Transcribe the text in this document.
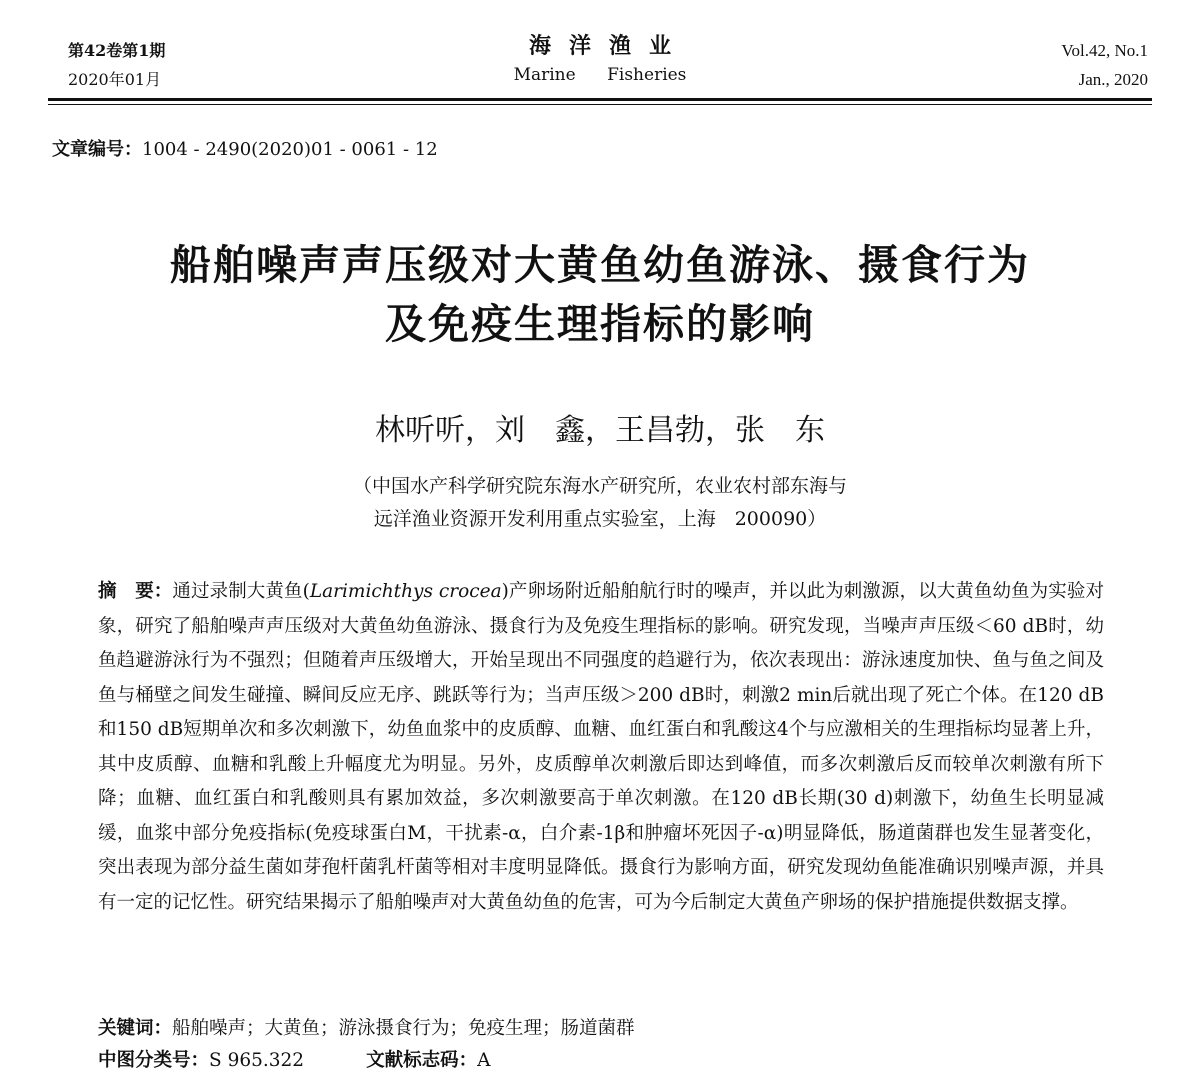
第42卷第1期
2020年01月
海洋渔业
Marine Fisheries
Vol.42, No.1
Jan., 2020
文章编号：1004 - 2490(2020)01 - 0061 - 12
船舶噪声声压级对大黄鱼幼鱼游泳、摄食行为
及免疫生理指标的影响
林听听，刘　鑫，王昌勃，张　东
（中国水产科学研究院东海水产研究所，农业农村部东海与
远洋渔业资源开发利用重点实验室，上海　200090）
摘　要：通过录制大黄鱼(Larimichthys crocea)产卵场附近船舶航行时的噪声，并以此为刺激源，以大黄鱼幼鱼为实验对象，研究了船舶噪声声压级对大黄鱼幼鱼游泳、摄食行为及免疫生理指标的影响。研究发现，当噪声声压级＜60 dB时，幼鱼趋避游泳行为不强烈；但随着声压级增大，开始呈现出不同强度的趋避行为，依次表现出：游泳速度加快、鱼与鱼之间及鱼与桶壁之间发生碰撞、瞬间反应无序、跳跃等行为；当声压级＞200 dB时，刺激2 min后就出现了死亡个体。在120 dB和150 dB短期单次和多次刺激下，幼鱼血浆中的皮质醇、血糖、血红蛋白和乳酸这4个与应激相关的生理指标均显著上升，其中皮质醇、血糖和乳酸上升幅度尤为明显。另外，皮质醇单次刺激后即达到峰值，而多次刺激后反而较单次刺激有所下降；血糖、血红蛋白和乳酸则具有累加效益，多次刺激要高于单次刺激。在120 dB长期(30 d)刺激下，幼鱼生长明显减缓，血浆中部分免疫指标(免疫球蛋白M，干扰素-α，白介素-1β和肿瘤坏死因子-α)明显降低，肠道菌群也发生显著变化，突出表现为部分益生菌如芽孢杆菌乳杆菌等相对丰度明显降低。摄食行为影响方面，研究发现幼鱼能准确识别噪声源，并具有一定的记忆性。研究结果揭示了船舶噪声对大黄鱼幼鱼的危害，可为今后制定大黄鱼产卵场的保护措施提供数据支撑。
关键词：船舶噪声；大黄鱼；游泳摄食行为；免疫生理；肠道菌群
中图分类号：S 965.322	文献标志码：A
